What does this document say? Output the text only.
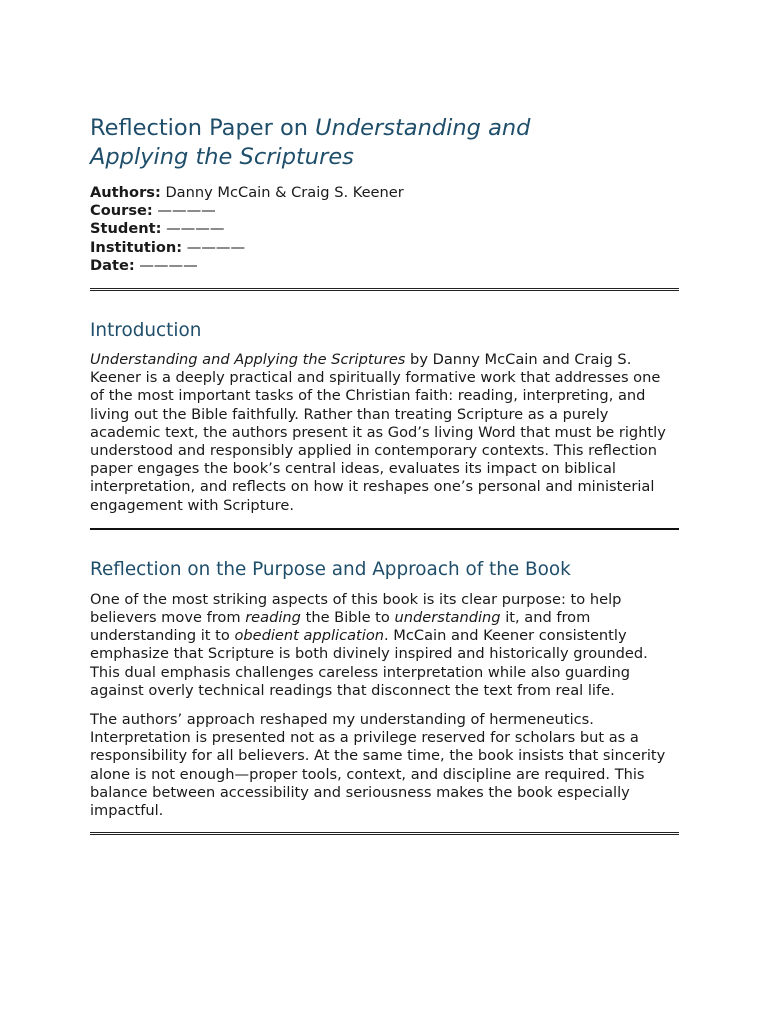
Reflection Paper on Understanding and
Applying the Scriptures
Authors: Danny McCain & Craig S. Keener
Course: ————
Student: ————
Institution: ————
Date: ————
Introduction

Understanding and Applying the Scriptures by Danny McCain and Craig S. Keener is a deeply practical and spiritually formative work that addresses one of the most important tasks of the Christian faith: reading, interpreting, and living out the Bible faithfully. Rather than treating Scripture as a purely academic text, the authors present it as God’s living Word that must be rightly understood and responsibly applied in contemporary contexts. This reflection paper engages the book’s central ideas, evaluates its impact on biblical interpretation, and reflects on how it reshapes one’s personal and ministerial engagement with Scripture.

Reflection on the Purpose and Approach of the Book

One of the most striking aspects of this book is its clear purpose: to help believers move from reading the Bible to understanding it, and from understanding it to obedient application. McCain and Keener consistently emphasize that Scripture is both divinely inspired and historically grounded. This dual emphasis challenges careless interpretation while also guarding against overly technical readings that disconnect the text from real life.

The authors’ approach reshaped my understanding of hermeneutics. Interpretation is presented not as a privilege reserved for scholars but as a responsibility for all believers. At the same time, the book insists that sincerity alone is not enough—proper tools, context, and discipline are required. This balance between accessibility and seriousness makes the book especially impactful.
